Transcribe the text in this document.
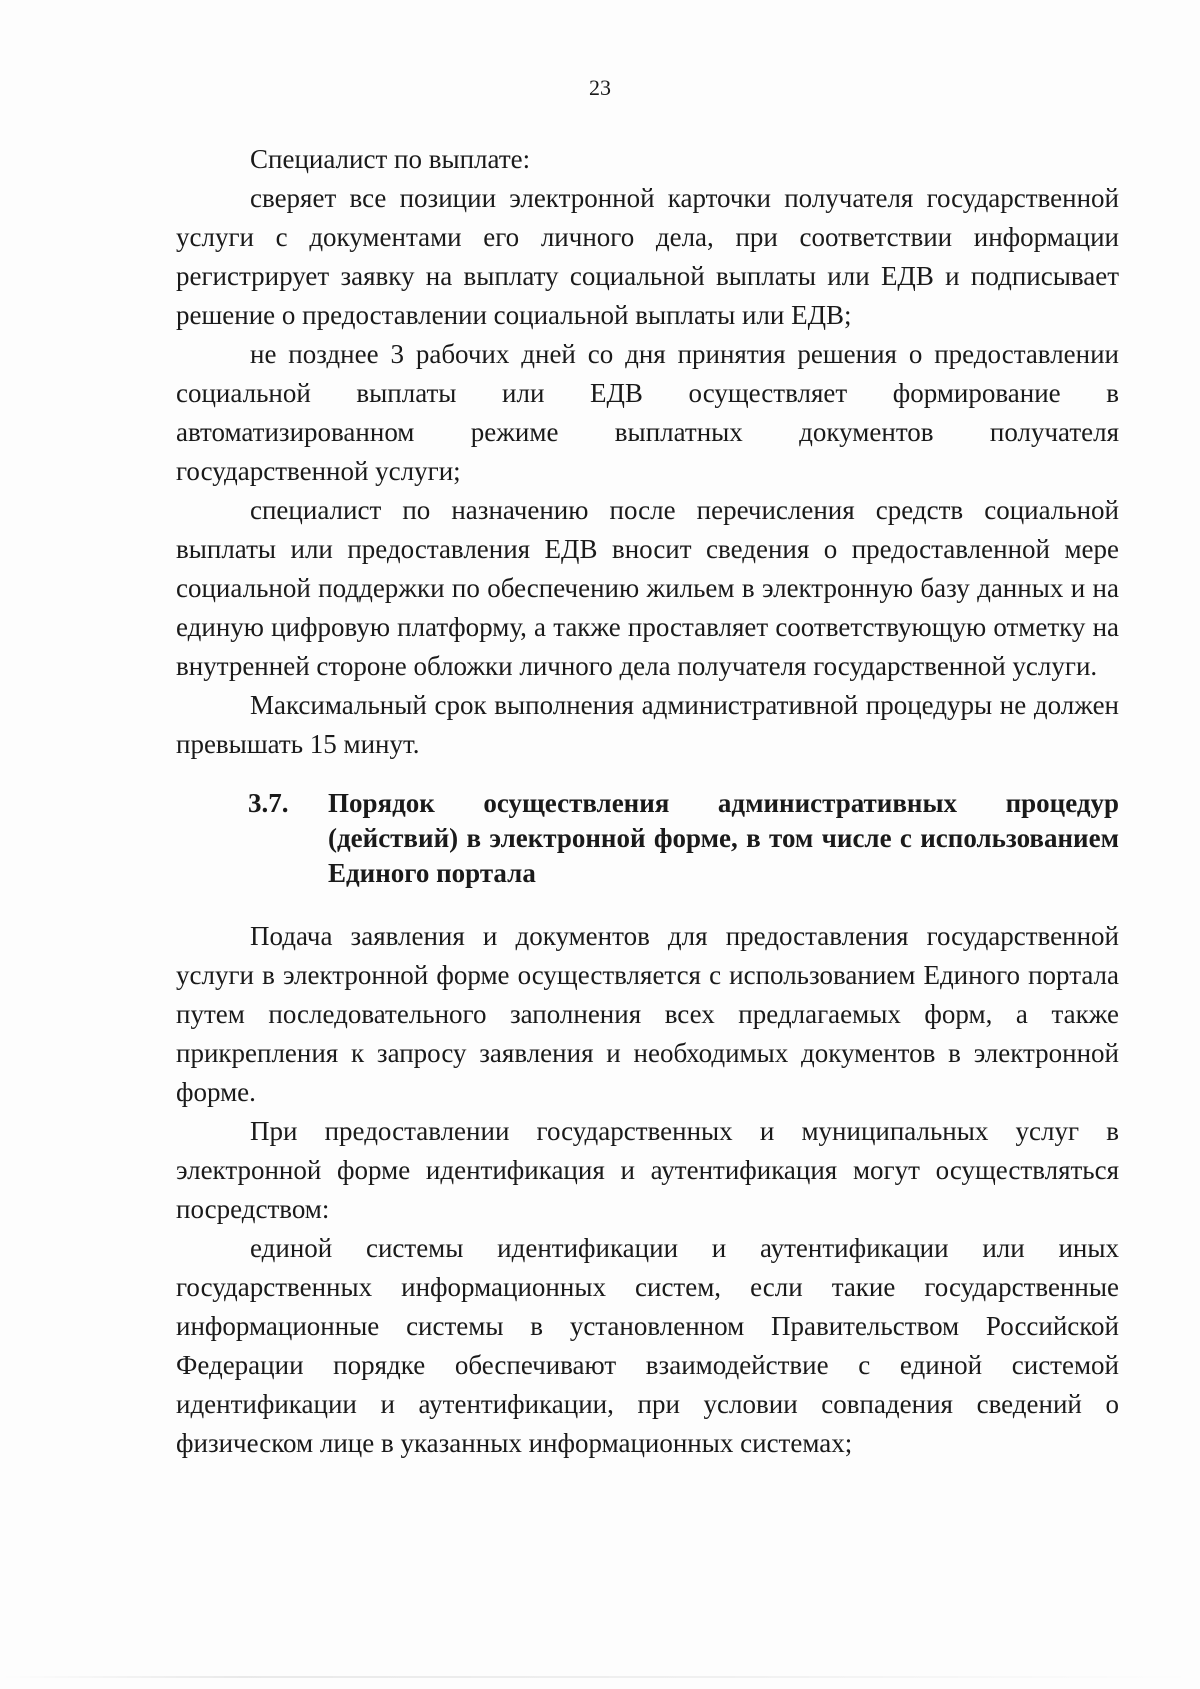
23

Специалист по выплате:

сверяет все позиции электронной карточки получателя государственной услуги с документами его личного дела, при соответствии информации регистрирует заявку на выплату социальной выплаты или ЕДВ и подписывает решение о предоставлении социальной выплаты или ЕДВ;

не позднее 3 рабочих дней со дня принятия решения о предоставлении социальной выплаты или ЕДВ осуществляет формирование в автоматизированном режиме выплатных документов получателя государственной услуги;

специалист по назначению после перечисления средств социальной выплаты или предоставления ЕДВ вносит сведения о предоставленной мере социальной поддержки по обеспечению жильем в электронную базу данных и на единую цифровую платформу, а также проставляет соответствующую отметку на внутренней стороне обложки личного дела получателя государственной услуги.

Максимальный срок выполнения административной процедуры не должен превышать 15 минут.

3.7.	Порядок осуществления административных процедур (действий) в электронной форме, в том числе с использованием Единого портала

Подача заявления и документов для предоставления государственной услуги в электронной форме осуществляется с использованием Единого портала путем последовательного заполнения всех предлагаемых форм, а также прикрепления к запросу заявления и необходимых документов в электронной форме.

При предоставлении государственных и муниципальных услуг в электронной форме идентификация и аутентификация могут осуществляться посредством:

единой системы идентификации и аутентификации или иных государственных информационных систем, если такие государственные информационные системы в установленном Правительством Российской Федерации порядке обеспечивают взаимодействие с единой системой идентификации и аутентификации, при условии совпадения сведений о физическом лице в указанных информационных системах;
